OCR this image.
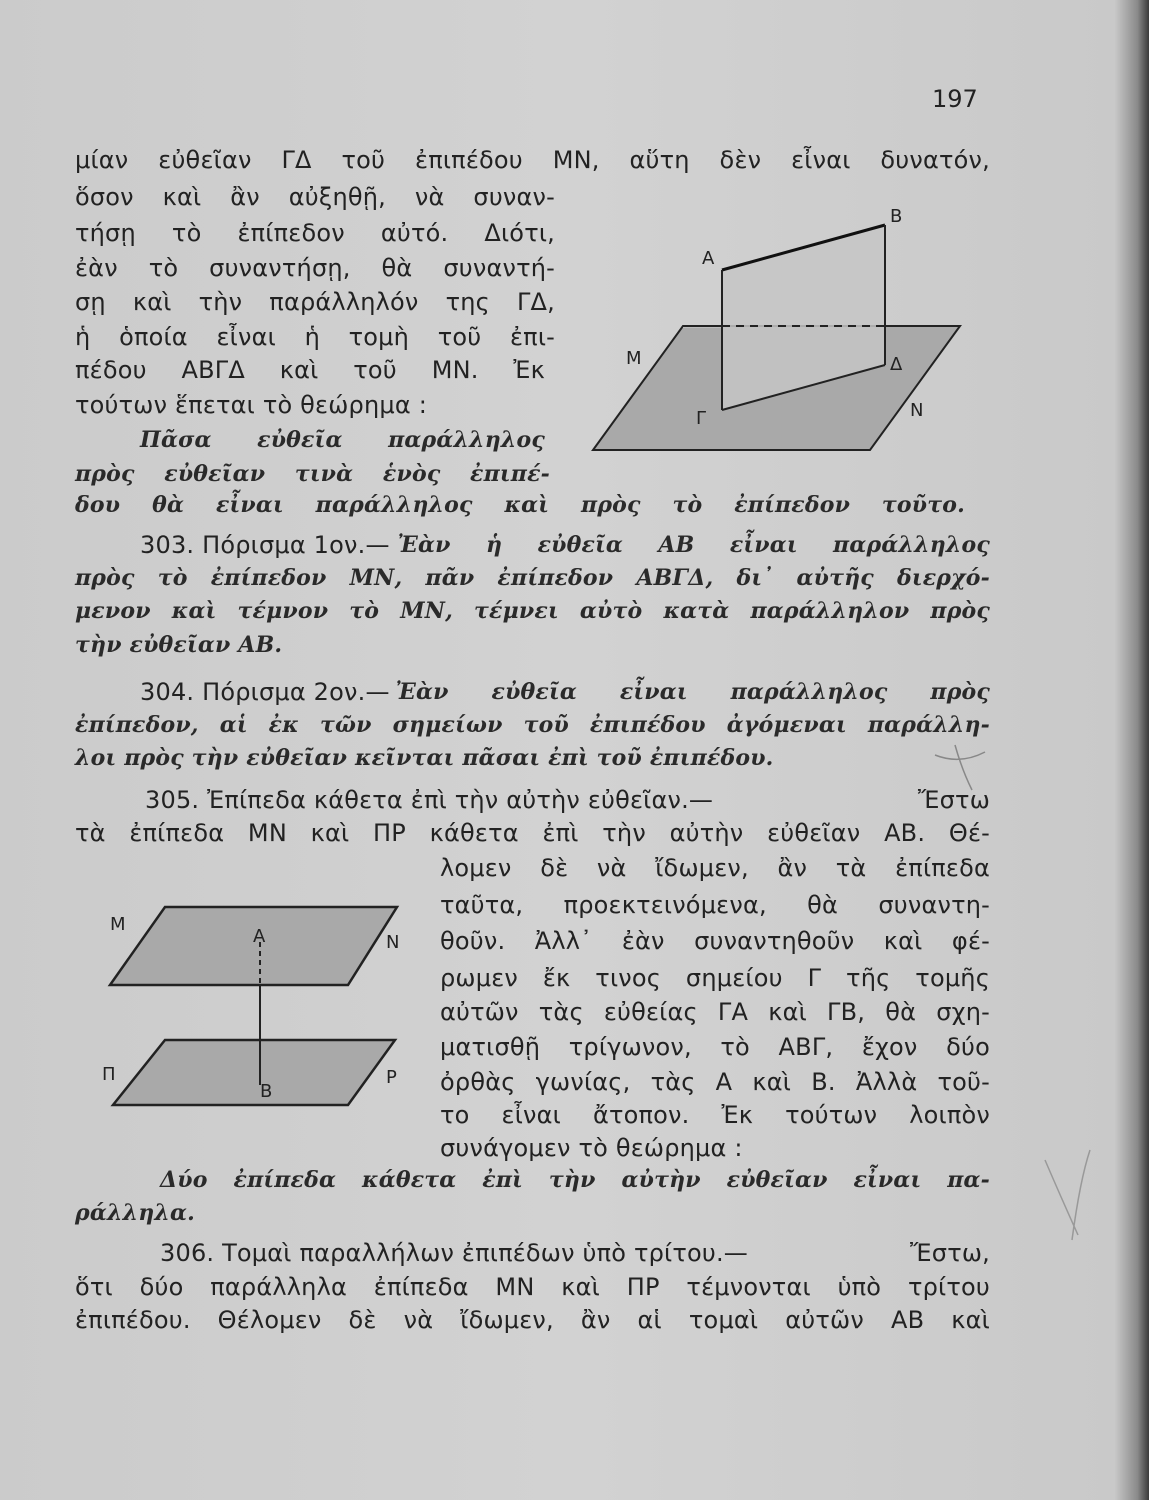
197
μίαν εὐθεῖαν ΓΔ τοῦ ἐπιπέδου ΜΝ, αὕτη δὲν εἶναι δυνατόν,
ὅσον καὶ ἂν αὐξηθῇ, νὰ συναν-
τήσῃ τὸ ἐπίπεδον αὐτό. Διότι,
ἐὰν τὸ συναντήσῃ, θὰ συναντή-
σῃ καὶ τὴν παράλληλόν της ΓΔ,
ἡ ὁποία εἶναι ἡ τομὴ τοῦ ἐπι-
πέδου ΑΒΓΔ καὶ τοῦ ΜΝ. Ἐκ
τούτων ἕπεται τὸ θεώρημα :
Πᾶσα εὐθεῖα παράλληλος
πρὸς εὐθεῖαν τινὰ ἑνὸς ἐπιπέ-
δου θὰ εἶναι παράλληλος καὶ πρὸς τὸ ἐπίπεδον τοῦτο.
303. Πόρισμα 1ον.— Ἐὰν ἡ εὐθεῖα ΑΒ εἶναι παράλληλος
πρὸς τὸ ἐπίπεδον ΜΝ, πᾶν ἐπίπεδον ΑΒΓΔ, δι᾽ αὐτῆς διερχό-
μενον καὶ τέμνον τὸ ΜΝ, τέμνει αὐτὸ κατὰ παράλληλον πρὸς
τὴν εὐθεῖαν ΑΒ.
304. Πόρισμα 2ον.— Ἐὰν εὐθεῖα εἶναι παράλληλος πρὸς
ἐπίπεδον, αἱ ἐκ τῶν σημείων τοῦ ἐπιπέδου ἀγόμεναι παράλλη-
λοι πρὸς τὴν εὐθεῖαν κεῖνται πᾶσαι ἐπὶ τοῦ ἐπιπέδου.
305. Ἐπίπεδα κάθετα ἐπὶ τὴν αὐτὴν εὐθεῖαν.—	Ἔστω
τὰ ἐπίπεδα ΜΝ καὶ ΠΡ κάθετα ἐπὶ τὴν αὐτὴν εὐθεῖαν ΑΒ. Θέ-
λομεν δὲ νὰ ἴδωμεν, ἂν τὰ ἐπίπεδα
ταῦτα, προεκτεινόμενα, θὰ συναντη-
θοῦν. Ἀλλ᾽ ἐὰν συναντηθοῦν καὶ φέ-
ρωμεν ἔκ τινος σημείου Γ τῆς τομῆς
αὐτῶν τὰς εὐθείας ΓΑ καὶ ΓΒ, θὰ σχη-
ματισθῇ τρίγωνον, τὸ ΑΒΓ, ἔχον δύο
ὀρθὰς γωνίας, τὰς Α καὶ Β. Ἀλλὰ τοῦ-
το εἶναι ἄτοπον. Ἐκ τούτων λοιπὸν
συνάγομεν τὸ θεώρημα :
Δύο ἐπίπεδα κάθετα ἐπὶ τὴν αὐτὴν εὐθεῖαν εἶναι πα-
ράλληλα.
306. Τομαὶ παραλλήλων ἐπιπέδων ὑπὸ τρίτου.—	Ἔστω,
ὅτι δύο παράλληλα ἐπίπεδα ΜΝ καὶ ΠΡ τέμνονται ὑπὸ τρίτου
ἐπιπέδου. Θέλομεν δὲ νὰ ἴδωμεν, ἂν αἱ τομαὶ αὐτῶν ΑΒ καὶ
Α
Β
Μ	Δ
Γ	Ν
Μ
Α	Ν
Π
Β
Ρ
